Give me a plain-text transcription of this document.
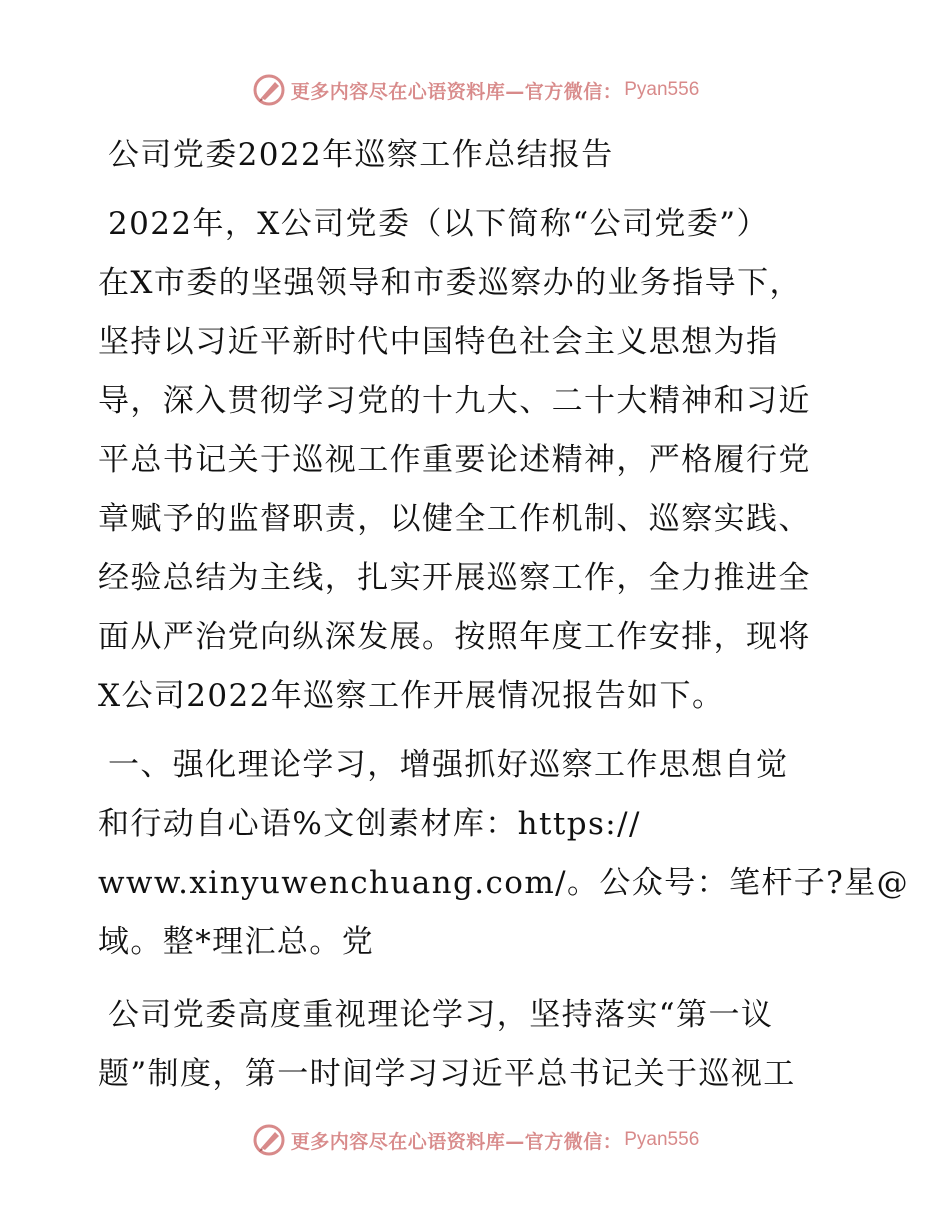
更多内容尽在心语资料库—官方微信： Pyan556

公司党委2022年巡察工作总结报告

2022年，X公司党委（以下简称“公司党委”）
在X市委的坚强领导和市委巡察办的业务指导下，
坚持以习近平新时代中国特色社会主义思想为指
导，深入贯彻学习党的十九大、二十大精神和习近
平总书记关于巡视工作重要论述精神，严格履行党
章赋予的监督职责，以健全工作机制、巡察实践、
经验总结为主线，扎实开展巡察工作，全力推进全
面从严治党向纵深发展。按照年度工作安排，现将
X公司2022年巡察工作开展情况报告如下。

一、强化理论学习，增强抓好巡察工作思想自觉
和行动自心语%文创素材库：https://
www.xinyuwenchuang.com/。公众号：笔杆子?星@
域。整*理汇总。党

公司党委高度重视理论学习，坚持落实“第一议
题”制度，第一时间学习习近平总书记关于巡视工

更多内容尽在心语资料库—官方微信： Pyan556
